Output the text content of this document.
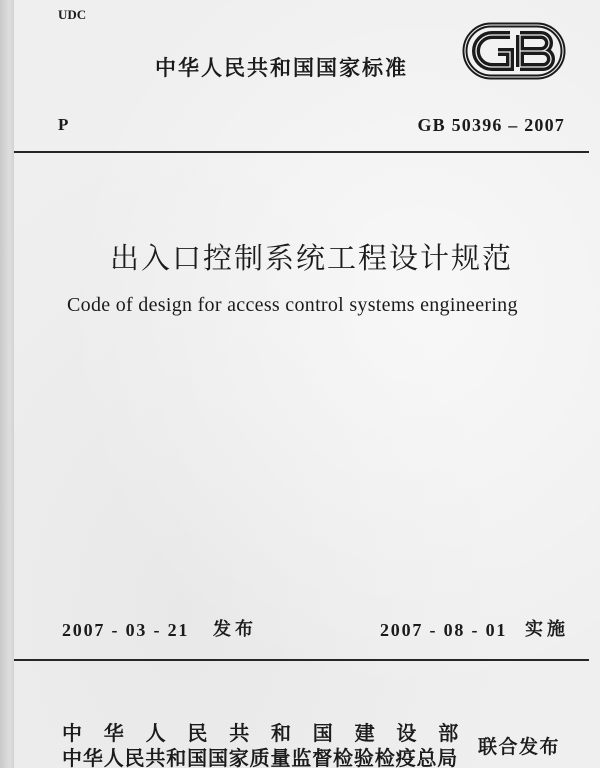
UDC
中华人民共和国国家标准
P	GB 50396 – 2007
出入口控制系统工程设计规范
Code of design for access control systems engineering
2007 - 03 - 21 发布	2007 - 08 - 01 实施
中华人民共和国建设部
中华人民共和国国家质量监督检验检疫总局 联合发布
